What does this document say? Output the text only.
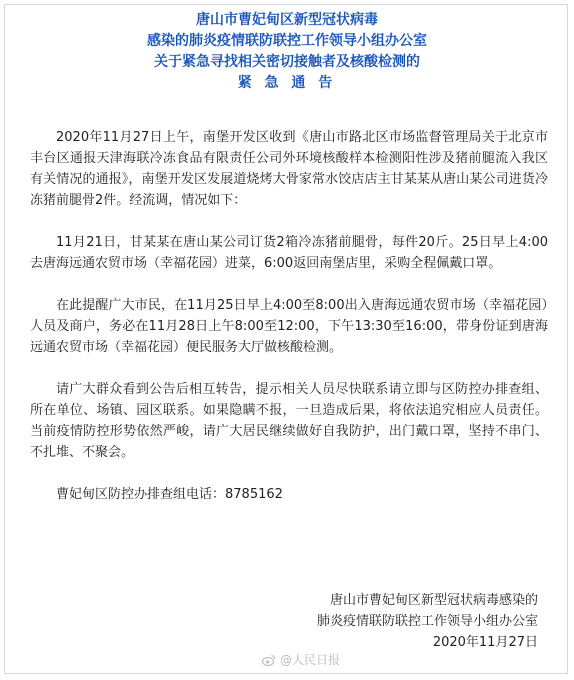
唐山市曹妃甸区新型冠状病毒
感染的肺炎疫情联防联控工作领导小组办公室
关于紧急寻找相关密切接触者及核酸检测的
紧 急 通 告

2020年11月27日上午，南堡开发区收到《唐山市路北区市场监督管理局关于北京市丰台区通报天津海联冷冻食品有限责任公司外环境核酸样本检测阳性涉及猪前腿流入我区有关情况的通报》，南堡开发区发展道烧烤大骨家常水饺店店主甘某某从唐山某公司进货冷冻猪前腿骨2件。经流调，情况如下：

11月21日，甘某某在唐山某公司订货2箱冷冻猪前腿骨，每件20斤。25日早上4:00去唐海远通农贸市场（幸福花园）进菜，6:00返回南堡店里，采购全程佩戴口罩。

在此提醒广大市民，在11月25日早上4:00至8:00出入唐海远通农贸市场（幸福花园）人员及商户，务必在11月28日上午8:00至12:00，下午13:30至16:00，带身份证到唐海远通农贸市场（幸福花园）便民服务大厅做核酸检测。

请广大群众看到公告后相互转告，提示相关人员尽快联系请立即与区防控办排查组、所在单位、场镇、园区联系。如果隐瞒不报，一旦造成后果，将依法追究相应人员责任。当前疫情防控形势依然严峻，请广大居民继续做好自我防护，出门戴口罩，坚持不串门、不扎堆、不聚会。

曹妃甸区防控办排查组电话：8785162

唐山市曹妃甸区新型冠状病毒感染的
肺炎疫情联防联控工作领导小组办公室
2020年11月27日
@人民日报
